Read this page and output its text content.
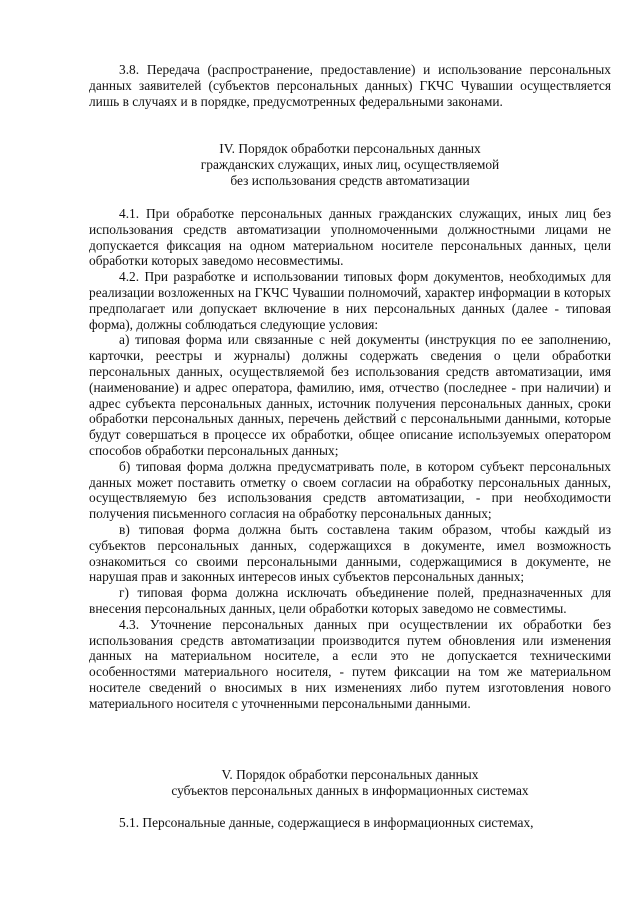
3.8. Передача (распространение, предоставление) и использование персональных данных заявителей (субъектов персональных данных) ГКЧС Чувашии осуществляется лишь в случаях и в порядке, предусмотренных федеральными законами.

IV. Порядок обработки персональных данных

гражданских служащих, иных лиц, осуществляемой

без использования средств автоматизации

4.1. При обработке персональных данных гражданских служащих, иных лиц без использования средств автоматизации уполномоченными должностными лицами не допускается фиксация на одном материальном носителе персональных данных, цели обработки которых заведомо несовместимы.

4.2. При разработке и использовании типовых форм документов, необходимых для реализации возложенных на ГКЧС Чувашии полномочий, характер информации в которых предполагает или допускает включение в них персональных данных (далее - типовая форма), должны соблюдаться следующие условия:

а) типовая форма или связанные с ней документы (инструкция по ее заполнению, карточки, реестры и журналы) должны содержать сведения о цели обработки персональных данных, осуществляемой без использования средств автоматизации, имя (наименование) и адрес оператора, фамилию, имя, отчество (последнее - при наличии) и адрес субъекта персональных данных, источник получения персональных данных, сроки обработки персональных данных, перечень действий с персональными данными, которые будут совершаться в процессе их обработки, общее описание используемых оператором способов обработки персональных данных;

б) типовая форма должна предусматривать поле, в котором субъект персональных данных может поставить отметку о своем согласии на обработку персональных данных, осуществляемую без использования средств автоматизации, - при необходимости получения письменного согласия на обработку персональных данных;

в) типовая форма должна быть составлена таким образом, чтобы каждый из субъектов персональных данных, содержащихся в документе, имел возможность ознакомиться со своими персональными данными, содержащимися в документе, не нарушая прав и законных интересов иных субъектов персональных данных;

г) типовая форма должна исключать объединение полей, предназначенных для внесения персональных данных, цели обработки которых заведомо не совместимы.

4.3. Уточнение персональных данных при осуществлении их обработки без использования средств автоматизации производится путем обновления или изменения данных на материальном носителе, а если это не допускается техническими особенностями материального носителя, - путем фиксации на том же материальном носителе сведений о вносимых в них изменениях либо путем изготовления нового материального носителя с уточненными персональными данными.

V. Порядок обработки персональных данных

субъектов персональных данных в информационных системах

5.1. Персональные данные, содержащиеся в информационных системах,
